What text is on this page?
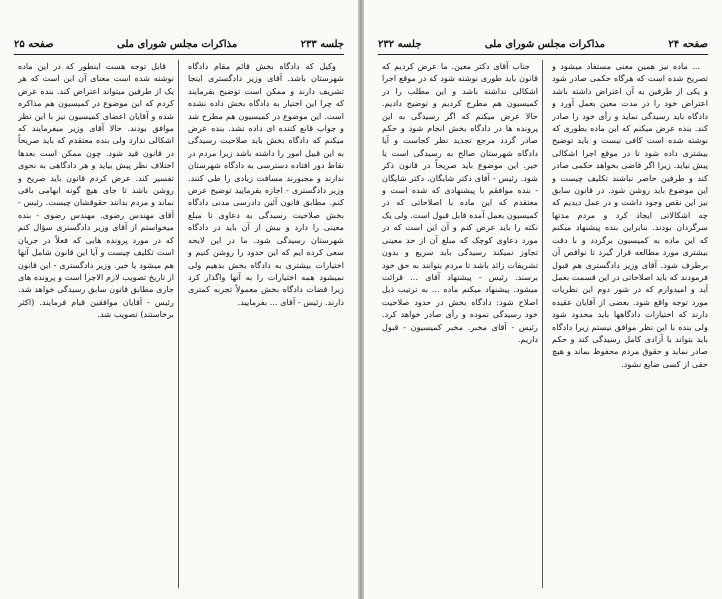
جلسه ۲۳۳
مذاکرات مجلس شورای ملی
صفحه ۲۵

وکیل که دادگاه بخش قائم مقام دادگاه شهرستان باشد. آقای وزیر دادگستری اینجا تشریف دارند و ممکن است توضیح بفرمایند که چرا این اختیار به دادگاه بخش داده نشده است. این موضوع در کمیسیون هم مطرح شد و جواب قانع کننده ای داده نشد. بنده عرض میکنم که دادگاه بخش باید صلاحیت رسیدگی به این قبیل امور را داشته باشد زیرا مردم در نقاط دور افتاده دسترسی به دادگاه شهرستان ندارند و مجبورند مسافت زیادی را طی کنند. وزیر دادگستری - اجازه بفرمایید توضیح عرض کنم. مطابق قانون آئین دادرسی مدنی دادگاه بخش صلاحیت رسیدگی به دعاوی تا مبلغ معینی را دارد و بیش از آن باید در دادگاه شهرستان رسیدگی شود. ما در این لایحه سعی کرده ایم که این حدود را روشن کنیم و اختیارات بیشتری به دادگاه بخش بدهیم ولی نمیشود همه اختیارات را به آنها واگذار کرد زیرا قضات دادگاه بخش معمولاً تجربه کمتری دارند. رئیس - آقای ... بفرمایید.

قابل توجه هست اینطور که در این ماده نوشته شده است معنای آن این است که هر یک از طرفین میتواند اعتراض کند. بنده عرض کردم که این موضوع در کمیسیون هم مذاکره شده و آقایان اعضای کمیسیون نیز با این نظر موافق بودند. حالا آقای وزیر میفرمایند که اشکالی ندارد ولی بنده معتقدم که باید صریحاً در قانون قید شود. چون ممکن است بعدها اختلاف نظر پیش بیاید و هر دادگاهی به نحوی تفسیر کند. عرض کردم قانون باید صریح و روشن باشد تا جای هیچ گونه ابهامی باقی نماند و مردم بدانند حقوقشان چیست. رئیس - آقای مهندس رضوی. مهندس رضوی - بنده میخواستم از آقای وزیر دادگستری سؤال کنم که در مورد پرونده هایی که فعلاً در جریان است تکلیف چیست و آیا این قانون شامل آنها هم میشود یا خیر. وزیر دادگستری - این قانون از تاریخ تصویب لازم الاجرا است و پرونده های جاری مطابق قانون سابق رسیدگی خواهد شد. رئیس - آقایان موافقین قیام فرمایند. (اکثر برخاستند) تصویب شد.

صفحه ۲۴
مذاکرات مجلس شورای ملی
جلسه ۲۳۲

... ماده نیز همین معنی مستفاد میشود و تصریح شده است که هرگاه حکمی صادر شود و یکی از طرفین به آن اعتراض داشته باشد اعتراض خود را در مدت معین بعمل آورد و دادگاه باید رسیدگی نماید و رأی خود را صادر کند. بنده عرض میکنم که این ماده بطوری که نوشته شده است کافی نیست و باید توضیح بیشتری داده شود تا در موقع اجرا اشکالی پیش نیاید. زیرا اگر قاضی بخواهد حکمی صادر کند و طرفین حاضر نباشند تکلیف چیست و این موضوع باید روشن شود. در قانون سابق نیز این نقص وجود داشت و در عمل دیدیم که چه اشکالاتی ایجاد کرد و مردم مدتها سرگردان بودند. بنابراین بنده پیشنهاد میکنم که این ماده به کمیسیون برگردد و با دقت بیشتری مورد مطالعه قرار گیرد تا نواقص آن برطرف شود. آقای وزیر دادگستری هم قبول فرمودند که باید اصلاحاتی در این قسمت بعمل آید و امیدوارم که در شور دوم این نظریات مورد توجه واقع شود. بعضی از آقایان عقیده دارند که اختیارات دادگاهها باید محدود شود ولی بنده با این نظر موافق نیستم زیرا دادگاه باید بتواند با آزادی کامل رسیدگی کند و حکم صادر نماید و حقوق مردم محفوظ بماند و هیچ حقی از کسی ضایع نشود.

جناب آقای دکتر معین. ما عرض کردیم که قانون باید طوری نوشته شود که در موقع اجرا اشکالی نداشته باشد و این مطلب را در کمیسیون هم مطرح کردیم و توضیح دادیم. حالا عرض میکنم که اگر رسیدگی به این پرونده ها در دادگاه بخش انجام شود و حکم صادر گردد مرجع تجدید نظر کجاست و آیا دادگاه شهرستان صالح به رسیدگی است یا خیر. این موضوع باید صریحاً در قانون ذکر شود. رئیس - آقای دکتر شایگان. دکتر شایگان - بنده موافقم با پیشنهادی که شده است و معتقدم که این ماده با اصلاحاتی که در کمیسیون بعمل آمده قابل قبول است. ولی یک نکته را باید عرض کنم و آن این است که در مورد دعاوی کوچک که مبلغ آن از حد معینی تجاوز نمیکند رسیدگی باید سریع و بدون تشریفات زائد باشد تا مردم بتوانند به حق خود برسند. رئیس - پیشنهاد آقای ... قرائت میشود. پیشنهاد میکنم ماده ... به ترتیب ذیل اصلاح شود: دادگاه بخش در حدود صلاحیت خود رسیدگی نموده و رأی صادر خواهد کرد. رئیس - آقای مخبر. مخبر کمیسیون - قبول داریم.
